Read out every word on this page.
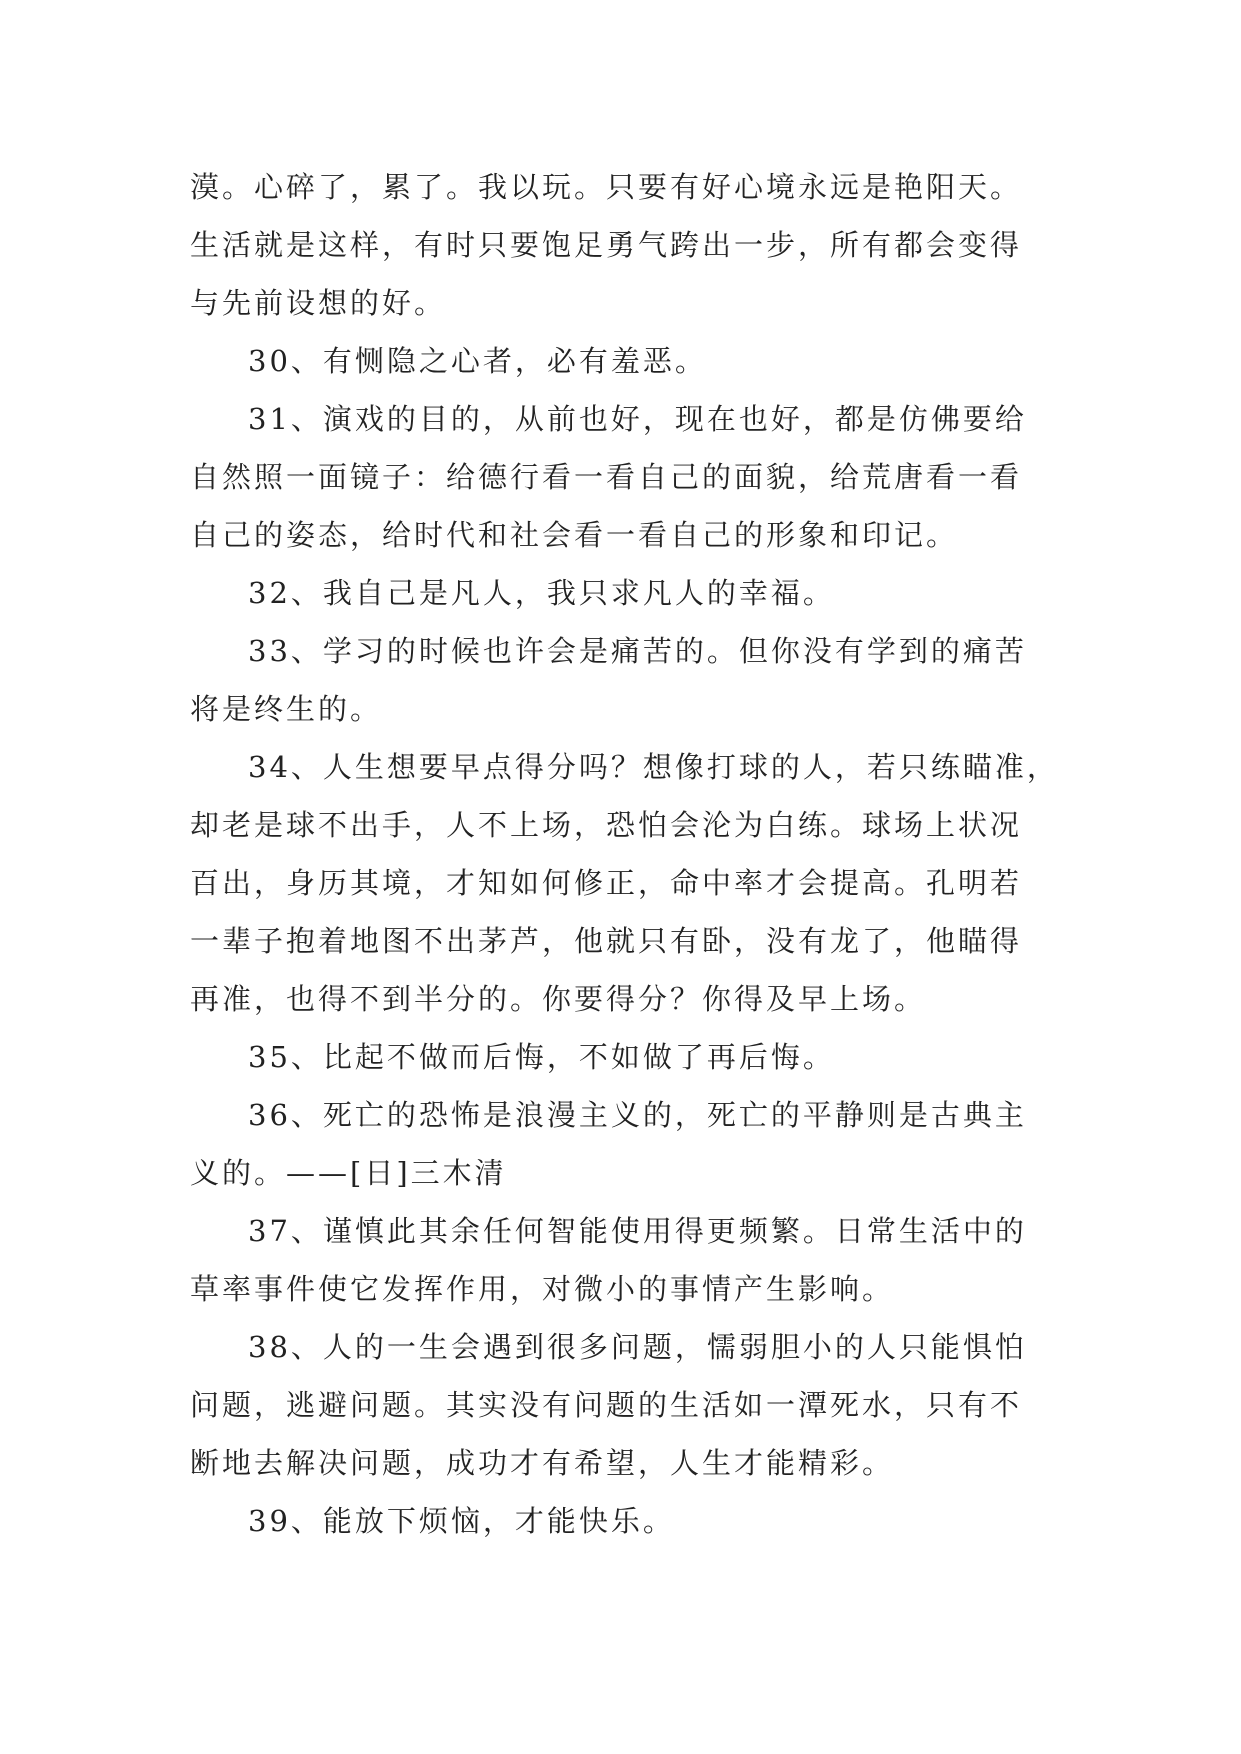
漠。心碎了，累了。我以玩。只要有好心境永远是艳阳天。
生活就是这样，有时只要饱足勇气跨出一步，所有都会变得
与先前设想的好。

30、有恻隐之心者，必有羞恶。

31、演戏的目的，从前也好，现在也好，都是仿佛要给
自然照一面镜子：给德行看一看自己的面貌，给荒唐看一看
自己的姿态，给时代和社会看一看自己的形象和印记。

32、我自己是凡人，我只求凡人的幸福。

33、学习的时候也许会是痛苦的。但你没有学到的痛苦
将是终生的。

34、人生想要早点得分吗？想像打球的人，若只练瞄准，
却老是球不出手，人不上场，恐怕会沦为白练。球场上状况
百出，身历其境，才知如何修正，命中率才会提高。孔明若
一辈子抱着地图不出茅芦，他就只有卧，没有龙了，他瞄得
再准，也得不到半分的。你要得分？你得及早上场。

35、比起不做而后悔，不如做了再后悔。

36、死亡的恐怖是浪漫主义的，死亡的平静则是古典主
义的。——[日]三木清

37、谨慎此其余任何智能使用得更频繁。日常生活中的
草率事件使它发挥作用，对微小的事情产生影响。

38、人的一生会遇到很多问题，懦弱胆小的人只能惧怕
问题，逃避问题。其实没有问题的生活如一潭死水，只有不
断地去解决问题，成功才有希望，人生才能精彩。

39、能放下烦恼，才能快乐。
